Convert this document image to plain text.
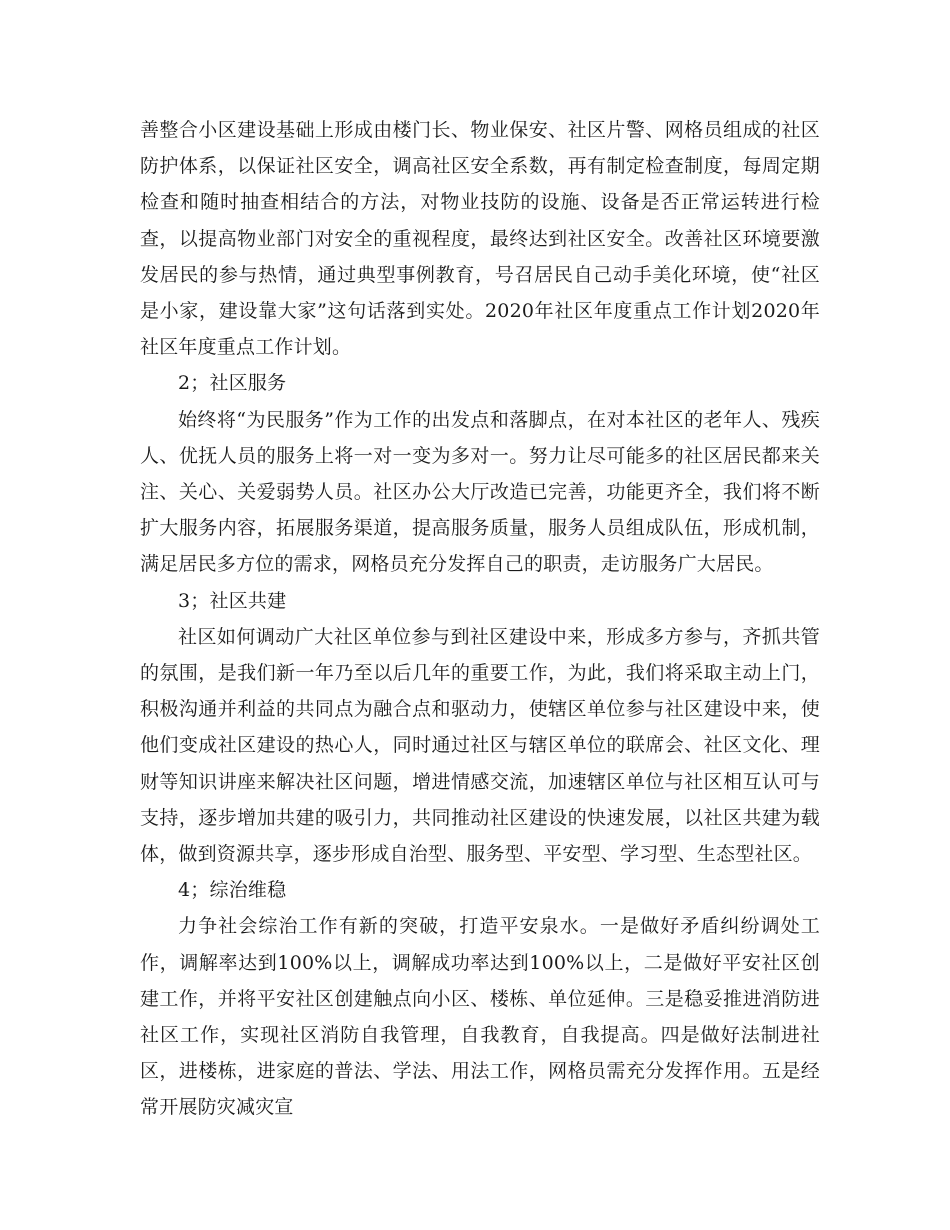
善整合小区建设基础上形成由楼门长、物业保安、社区片警、网格员组成的社区防护体系，以保证社区安全，调高社区安全系数，再有制定检查制度，每周定期检查和随时抽查相结合的方法，对物业技防的设施、设备是否正常运转进行检查，以提高物业部门对安全的重视程度，最终达到社区安全。改善社区环境要激发居民的参与热情，通过典型事例教育，号召居民自己动手美化环境，使“社区是小家，建设靠大家”这句话落到实处。2020年社区年度重点工作计划2020年社区年度重点工作计划。

2；社区服务

始终将“为民服务”作为工作的出发点和落脚点，在对本社区的老年人、残疾人、优抚人员的服务上将一对一变为多对一。努力让尽可能多的社区居民都来关注、关心、关爱弱势人员。社区办公大厅改造已完善，功能更齐全，我们将不断扩大服务内容，拓展服务渠道，提高服务质量，服务人员组成队伍，形成机制，满足居民多方位的需求，网格员充分发挥自己的职责，走访服务广大居民。

3；社区共建

社区如何调动广大社区单位参与到社区建设中来，形成多方参与，齐抓共管的氛围，是我们新一年乃至以后几年的重要工作，为此，我们将采取主动上门，积极沟通并利益的共同点为融合点和驱动力，使辖区单位参与社区建设中来，使他们变成社区建设的热心人，同时通过社区与辖区单位的联席会、社区文化、理财等知识讲座来解决社区问题，增进情感交流，加速辖区单位与社区相互认可与支持，逐步增加共建的吸引力，共同推动社区建设的快速发展，以社区共建为载体，做到资源共享，逐步形成自治型、服务型、平安型、学习型、生态型社区。

4；综治维稳

力争社会综治工作有新的突破，打造平安泉水。一是做好矛盾纠纷调处工作，调解率达到100%以上，调解成功率达到100%以上，二是做好平安社区创建工作，并将平安社区创建触点向小区、楼栋、单位延伸。三是稳妥推进消防进社区工作，实现社区消防自我管理，自我教育，自我提高。四是做好法制进社区，进楼栋，进家庭的普法、学法、用法工作，网格员需充分发挥作用。五是经常开展防灾减灾宣
